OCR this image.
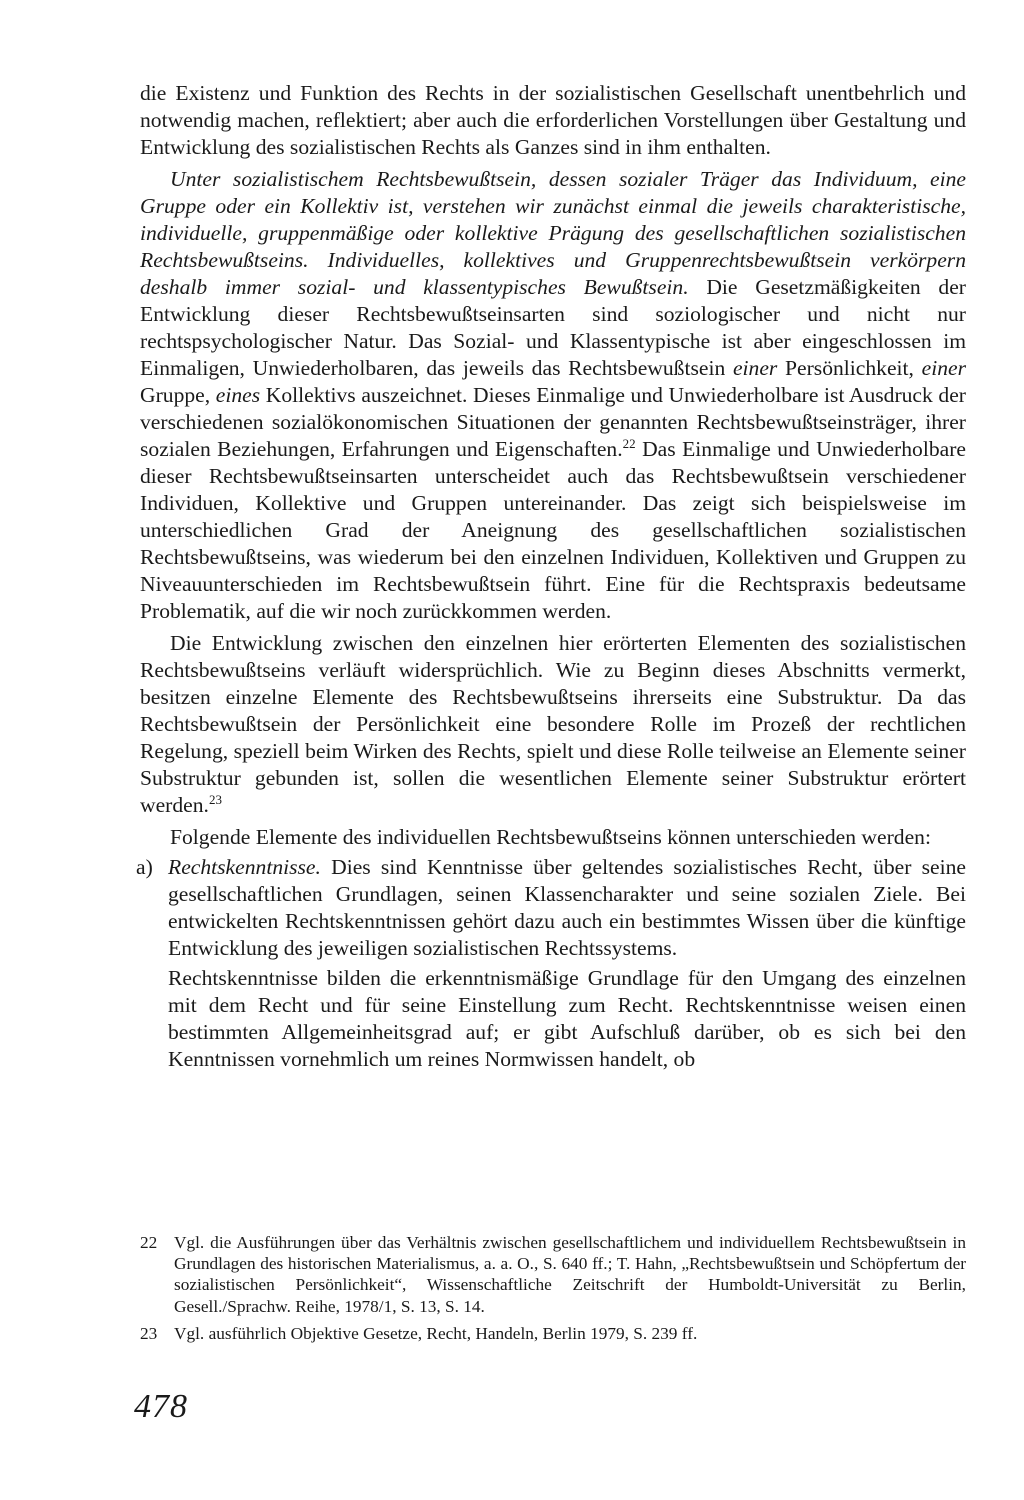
die Existenz und Funktion des Rechts in der sozialistischen Gesellschaft unentbehrlich und notwendig machen, reflektiert; aber auch die erforderlichen Vorstellungen über Gestaltung und Entwicklung des sozialistischen Rechts als Ganzes sind in ihm enthalten.

Unter sozialistischem Rechtsbewußtsein, dessen sozialer Träger das Individuum, eine Gruppe oder ein Kollektiv ist, verstehen wir zunächst einmal die jeweils charakteristische, individuelle, gruppenmäßige oder kollektive Prägung des gesellschaftlichen sozialistischen Rechtsbewußtseins. Individuelles, kollektives und Gruppenrechtsbewußtsein verkörpern deshalb immer sozial- und klassentypisches Bewußtsein. Die Gesetzmäßigkeiten der Entwicklung dieser Rechtsbewußtseinsarten sind soziologischer und nicht nur rechtspsychologischer Natur. Das Sozial- und Klassentypische ist aber eingeschlossen im Einmaligen, Unwiederholbaren, das jeweils das Rechtsbewußtsein einer Persönlichkeit, einer Gruppe, eines Kollektivs auszeichnet. Dieses Einmalige und Unwiederholbare ist Ausdruck der verschiedenen sozialökonomischen Situationen der genannten Rechtsbewußtseinsträger, ihrer sozialen Beziehungen, Erfahrungen und Eigenschaften.$^{22}$ Das Einmalige und Unwiederholbare dieser Rechtsbewußtseinsarten unterscheidet auch das Rechtsbewußtsein verschiedener Individuen, Kollektive und Gruppen untereinander. Das zeigt sich beispielsweise im unterschiedlichen Grad der Aneignung des gesellschaftlichen sozialistischen Rechtsbewußtseins, was wiederum bei den einzelnen Individuen, Kollektiven und Gruppen zu Niveauunterschieden im Rechtsbewußtsein führt. Eine für die Rechtspraxis bedeutsame Problematik, auf die wir noch zurückkommen werden.

Die Entwicklung zwischen den einzelnen hier erörterten Elementen des sozialistischen Rechtsbewußtseins verläuft widersprüchlich. Wie zu Beginn dieses Abschnitts vermerkt, besitzen einzelne Elemente des Rechtsbewußtseins ihrerseits eine Substruktur. Da das Rechtsbewußtsein der Persönlichkeit eine besondere Rolle im Prozeß der rechtlichen Regelung, speziell beim Wirken des Rechts, spielt und diese Rolle teilweise an Elemente seiner Substruktur gebunden ist, sollen die wesentlichen Elemente seiner Substruktur erörtert werden.$^{23}$

Folgende Elemente des individuellen Rechtsbewußtseins können unterschieden werden:

a) Rechtskenntnisse. Dies sind Kenntnisse über geltendes sozialistisches Recht, über seine gesellschaftlichen Grundlagen, seinen Klassencharakter und seine sozialen Ziele. Bei entwickelten Rechtskenntnissen gehört dazu auch ein bestimmtes Wissen über die künftige Entwicklung des jeweiligen sozialistischen Rechtssystems.

Rechtskenntnisse bilden die erkenntnismäßige Grundlage für den Umgang des einzelnen mit dem Recht und für seine Einstellung zum Recht. Rechtskenntnisse weisen einen bestimmten Allgemeinheitsgrad auf; er gibt Aufschluß darüber, ob es sich bei den Kenntnissen vornehmlich um reines Normwissen handelt, ob

22 Vgl. die Ausführungen über das Verhältnis zwischen gesellschaftlichem und individuellem Rechtsbewußtsein in Grundlagen des historischen Materialismus, a. a. O., S. 640 ff.; T. Hahn, „Rechtsbewußtsein und Schöpfertum der sozialistischen Persönlichkeit“, Wissenschaftliche Zeitschrift der Humboldt-Universität zu Berlin, Gesell./Sprachw. Reihe, 1978/1, S. 13, S. 14.
23 Vgl. ausführlich Objektive Gesetze, Recht, Handeln, Berlin 1979, S. 239 ff.
478
